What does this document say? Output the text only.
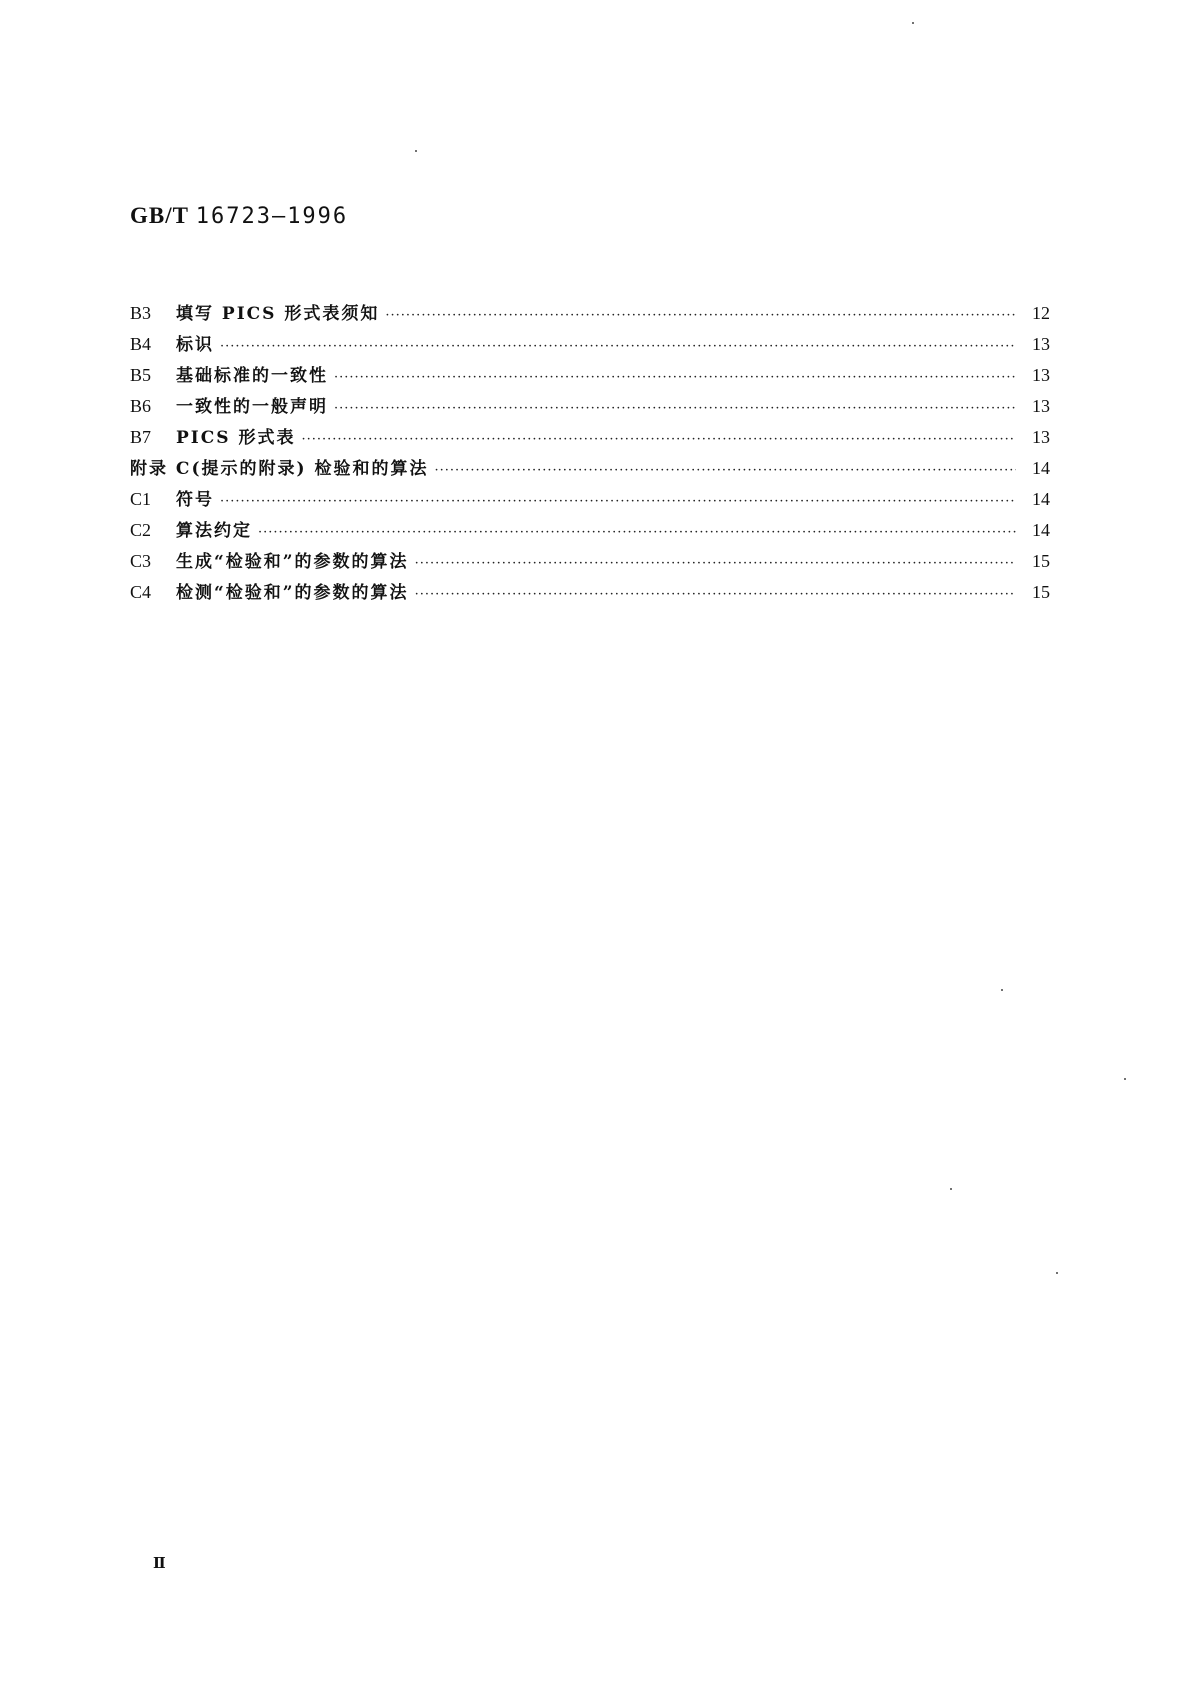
GB/T 16723—1996
B3	填写 PICS 形式表须知 ·····	12
B4	标识 ·····	13
B5	基础标准的一致性 ·····	13
B6	一致性的一般声明 ·····	13
B7	PICS 形式表 ·····	13
附录 C(提示的附录) 检验和的算法 ·····	14
C1	符号 ·····	14
C2	算法约定 ·····	14
C3	生成“检验和”的参数的算法 ·····	15
C4	检测“检验和”的参数的算法 ·····	15
Ⅱ
